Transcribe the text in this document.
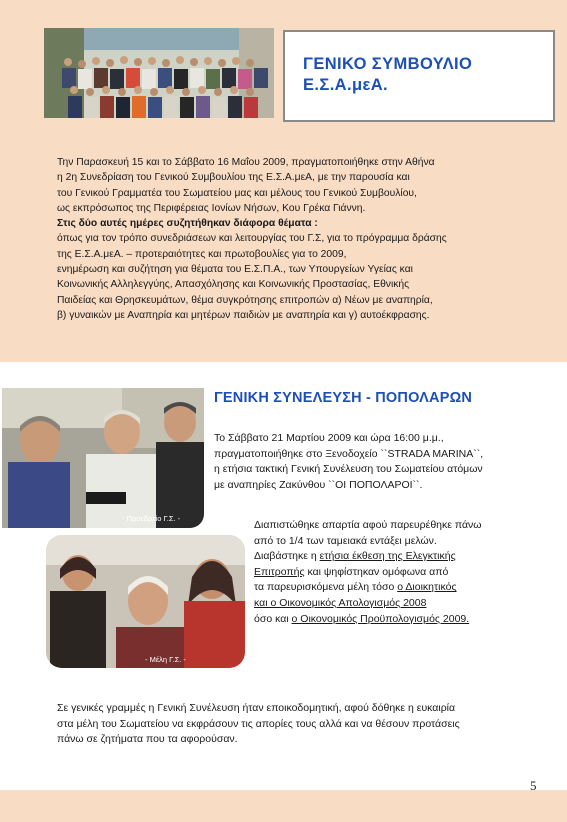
ΓΕΝΙΚΟ ΣΥΜΒΟΥΛΙΟ
Ε.Σ.Α.μεΑ.

Την Παρασκευή 15 και το Σάββατο 16 Μαΐου 2009, πραγματοποιήθηκε στην Αθήνα

η 2η Συνεδρίαση του Γενικού Συμβουλίου της Ε.Σ.Α.μεΑ, με την παρουσία και

του Γενικού Γραμματέα του Σωματείου μας και μέλους του Γενικού Συμβουλίου,

ως εκπρόσωπος της Περιφέρειας Ιονίων Νήσων, Κου Γρέκα Γιάννη.

Στις δύο αυτές ημέρες συζητήθηκαν διάφορα θέματα :

όπως για τον τρόπο συνεδριάσεων και λειτουργίας του Γ.Σ, για το πρόγραμμα δράσης

της Ε.Σ.Α.μεΑ. – προτεραιότητες και πρωτοβουλίες για το 2009,

ενημέρωση και συζήτηση για θέματα του Ε.Σ.Π.Α., των Υπουργείων Υγείας και

Κοινωνικής Αλληλεγγύης, Απασχόλησης και Κοινωνικής Προστασίας, Εθνικής

Παιδείας και Θρησκευμάτων, θέμα συγκρότησης επιτροπών α) Νέων με αναπηρία,

β) γυναικών με Αναπηρία και μητέρων παιδιών με αναπηρία και γ) αυτοέκφρασης.

- Προεδρείο Γ.Σ. -
ΓΕΝΙΚΗ ΣΥΝΕΛΕΥΣΗ - ΠΟΠΟΛΑΡΩΝ

Το Σάββατο 21 Μαρτίου 2009 και ώρα 16:00 μ.μ.,

πραγματοποιήθηκε στο Ξενοδοχείο ``STRADA MARINA``,

η ετήσια τακτική Γενική Συνέλευση του Σωματείου ατόμων

με αναπηρίες Ζακύνθου ``ΟΙ ΠΟΠΟΛΑΡΟΙ``.

- Μέλη Γ.Σ. -

Διαπιστώθηκε απαρτία αφού παρευρέθηκε πάνω

από το 1/4 των ταμειακά εντάξει μελών.

Διαβάστηκε η ετήσια έκθεση της Ελεγκτικής

Επιτροπής και ψηφίστηκαν ομόφωνα από

τα παρευρισκόμενα μέλη τόσο ο Διοικητικός

και ο Οικονομικός Απολογισμός 2008

όσο και ο Οικονομικός Προϋπολογισμός 2009.

Σε γενικές γραμμές η Γενική Συνέλευση ήταν εποικοδομητική, αφού δόθηκε η ευκαιρία

στα μέλη του Σωματείου να εκφράσουν τις απορίες τους αλλά και να θέσουν προτάσεις

πάνω σε ζητήματα που τα αφορούσαν.

5
